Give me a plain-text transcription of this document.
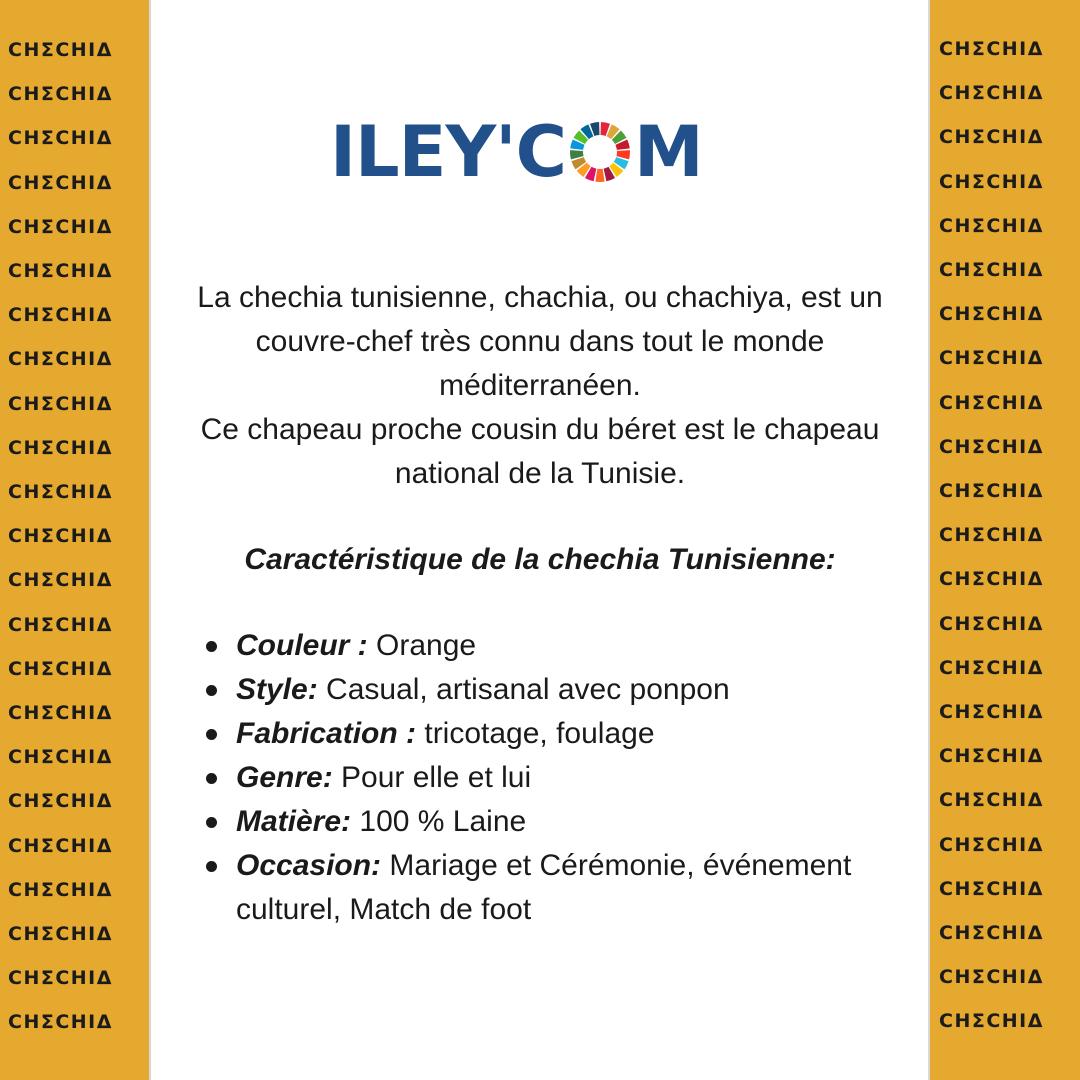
CHΣCHIΔ
CHΣCHIΔ
CHΣCHIΔ
CHΣCHIΔ
CHΣCHIΔ
CHΣCHIΔ
CHΣCHIΔ
CHΣCHIΔ
CHΣCHIΔ
CHΣCHIΔ
CHΣCHIΔ
CHΣCHIΔ
CHΣCHIΔ
CHΣCHIΔ
CHΣCHIΔ
CHΣCHIΔ
CHΣCHIΔ
CHΣCHIΔ
CHΣCHIΔ
CHΣCHIΔ
CHΣCHIΔ
CHΣCHIΔ
CHΣCHIΔ
CHΣCHIΔ
CHΣCHIΔ
CHΣCHIΔ
CHΣCHIΔ
CHΣCHIΔ
CHΣCHIΔ
CHΣCHIΔ
CHΣCHIΔ
CHΣCHIΔ
CHΣCHIΔ
CHΣCHIΔ
CHΣCHIΔ
CHΣCHIΔ
CHΣCHIΔ
CHΣCHIΔ
CHΣCHIΔ
CHΣCHIΔ
CHΣCHIΔ
CHΣCHIΔ
CHΣCHIΔ
CHΣCHIΔ
CHΣCHIΔ
CHΣCHIΔ
ILEY'C M

La chechia tunisienne, chachia, ou chachiya, est un couvre-chef très connu dans tout le monde méditerranéen.

Ce chapeau proche cousin du béret est le chapeau national de la Tunisie.

Caractéristique de la chechia Tunisienne:

Couleur : Orange
Style: Casual, artisanal avec ponpon
Fabrication : tricotage, foulage
Genre: Pour elle et lui
Matière: 100 % Laine
Occasion: Mariage et Cérémonie, événement culturel, Match de foot
